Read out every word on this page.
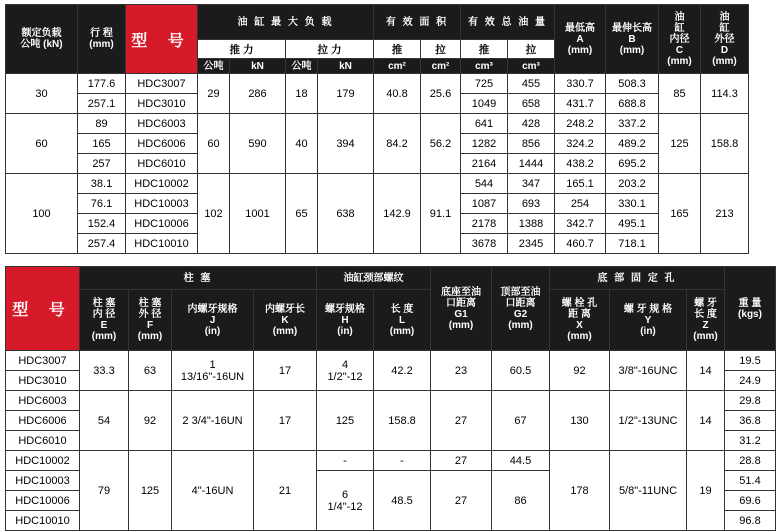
额定负载
公吨 (kN)	行 程
(mm)	型 号	油 缸 最 大 负 载				有 效 面 积		有 效 总 油 量		最低高
A
(mm)	最伸长高
B
(mm)	油
缸
内径
C
(mm)	油
缸
外径
D
(mm)
			推 力		拉 力		推	拉	推	拉				
			公吨	kN	公吨	kN	cm²	cm²	cm³	cm³				
30	177.6	HDC3007	29	286	18	179	40.8	25.6	725	455	330.7	508.3	85	114.3
	257.1	HDC3010							1049	658	431.7	688.8		
60	89	HDC6003	60	590	40	394	84.2	56.2	641	428	248.2	337.2	125	158.8
	165	HDC6006							1282	856	324.2	489.2		
	257	HDC6010							2164	1444	438.2	695.2		
100	38.1	HDC10002	102	1001	65	638	142.9	91.1	544	347	165.1	203.2	165	213
	76.1	HDC10003							1087	693	254	330.1		
	152.4	HDC10006							2178	1388	342.7	495.1		
	257.4	HDC10010							3678	2345	460.7	718.1		
型 号	柱 塞				油缸颈部螺纹		底座至油
口距离
G1
(mm)	顶部至油
口距离
G2
(mm)	底 部 固 定 孔			重 量
(kgs)
	柱 塞
内 径
E
(mm)	柱 塞
外 径
F
(mm)	内螺牙规格
J
(in)	内螺牙长
K
(mm)	螺牙规格
H
(in)	长 度
L
(mm)			螺 栓 孔
距 离
X
(mm)	螺 牙 规 格
Y
(in)	螺 牙
长 度
Z
(mm)	
HDC3007	33.3	63	1
13/16"-16UN	17	4
1/2"-12	42.2	23	60.5	92	3/8"-16UNC	14	19.5
HDC3010												24.9
HDC6003	54	92	2 3/4"-16UN	17	125	158.8	27	67	130	1/2"-13UNC	14	29.8
HDC6006												36.8
HDC6010												31.2
HDC10002	79	125	4"-16UN	21	-	-	27	44.5	178	5/8"-11UNC	19	28.8
HDC10003					6
1/4"-12	48.5	27	86				51.4
HDC10006												69.6
HDC10010												96.8
